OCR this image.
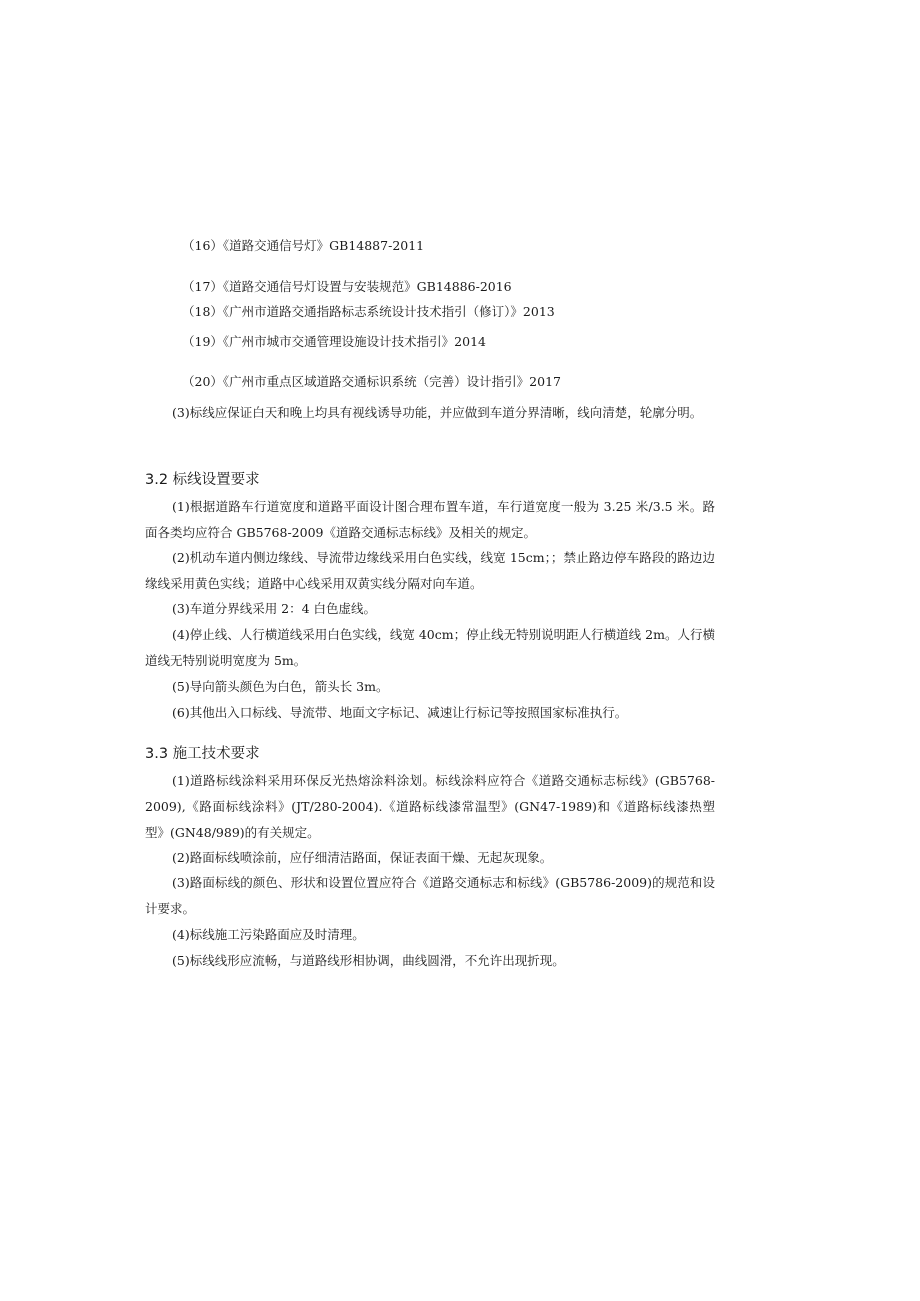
（16）《道路交通信号灯》GB14887-2011
（17）《道路交通信号灯设置与安装规范》GB14886-2016
（18）《广州市道路交通指路标志系统设计技术指引（修订）》2013
（19）《广州市城市交通管理设施设计技术指引》2014
（20）《广州市重点区域道路交通标识系统（完善）设计指引》2017
(3)标线应保证白天和晚上均具有视线诱导功能，并应做到车道分界清晰，线向清楚，轮廓分明。
3.2 标线设置要求
(1)根据道路车行道宽度和道路平面设计图合理布置车道，车行道宽度一般为 3.25 米/3.5 米。路面各类均应符合 GB5768-2009《道路交通标志标线》及相关的规定。
(2)机动车道内侧边缘线、导流带边缘线采用白色实线，线宽 15cm；；禁止路边停车路段的路边边缘线采用黄色实线；道路中心线采用双黄实线分隔对向车道。
(3)车道分界线采用 2：4 白色虚线。
(4)停止线、人行横道线采用白色实线，线宽 40cm；停止线无特别说明距人行横道线 2m。人行横道线无特别说明宽度为 5m。
(5)导向箭头颜色为白色，箭头长 3m。
(6)其他出入口标线、导流带、地面文字标记、减速让行标记等按照国家标准执行。
3.3 施工技术要求
(1)道路标线涂料采用环保反光热熔涂料涂划。标线涂料应符合《道路交通标志标线》(GB5768-2009),《路面标线涂料》(JT/280-2004).《道路标线漆常温型》(GN47-1989)和《道路标线漆热塑型》(GN48/989)的有关规定。
(2)路面标线喷涂前，应仔细清洁路面，保证表面干燥、无起灰现象。
(3)路面标线的颜色、形状和设置位置应符合《道路交通标志和标线》(GB5786-2009)的规范和设计要求。
(4)标线施工污染路面应及时清理。
(5)标线线形应流畅，与道路线形相协调，曲线圆滑，不允许出现折现。
